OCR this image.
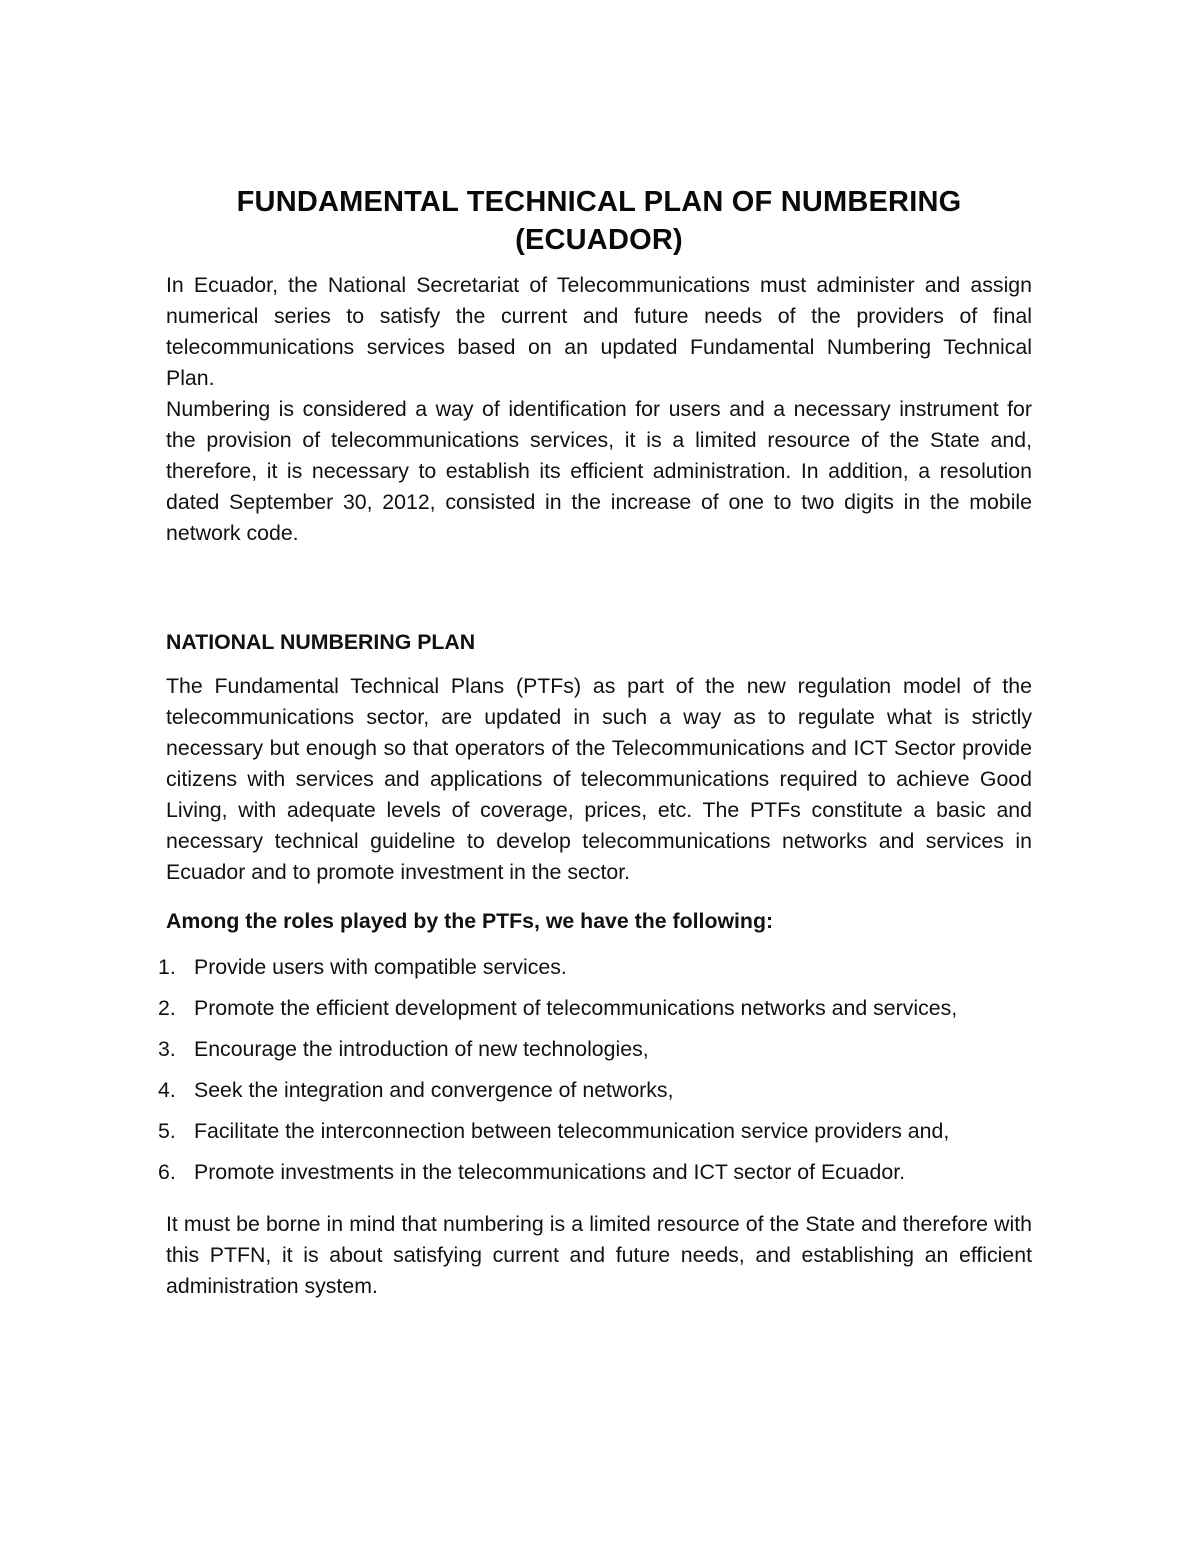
FUNDAMENTAL TECHNICAL PLAN OF NUMBERING
(ECUADOR)

In Ecuador, the National Secretariat of Telecommunications must administer and assign numerical series to satisfy the current and future needs of the providers of final telecommunications services based on an updated Fundamental Numbering Technical Plan.

Numbering is considered a way of identification for users and a necessary instrument for the provision of telecommunications services, it is a limited resource of the State and, therefore, it is necessary to establish its efficient administration. In addition, a resolution dated September 30, 2012, consisted in the increase of one to two digits in the mobile network code.

NATIONAL NUMBERING PLAN

The Fundamental Technical Plans (PTFs) as part of the new regulation model of the telecommunications sector, are updated in such a way as to regulate what is strictly necessary but enough so that operators of the Telecommunications and ICT Sector provide citizens with services and applications of telecommunications required to achieve Good Living, with adequate levels of coverage, prices, etc. The PTFs constitute a basic and necessary technical guideline to develop telecommunications networks and services in Ecuador and to promote investment in the sector.

Among the roles played by the PTFs, we have the following:
1. Provide users with compatible services.
2. Promote the efficient development of telecommunications networks and services,
3. Encourage the introduction of new technologies,
4. Seek the integration and convergence of networks,
5. Facilitate the interconnection between telecommunication service providers and,
6. Promote investments in the telecommunications and ICT sector of Ecuador.

It must be borne in mind that numbering is a limited resource of the State and therefore with this PTFN, it is about satisfying current and future needs, and establishing an efficient administration system.
